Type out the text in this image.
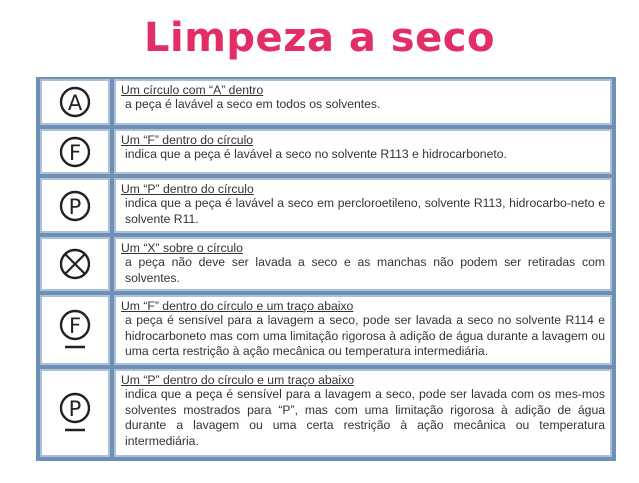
Limpeza a seco
A
Um círculo com “A” dentro
a peça é lavável a seco em todos os solventes.
F
Um “F” dentro do círculo
indica que a peça é lavável a seco no solvente R113 e hidrocarboneto.
P
Um “P” dentro do círculo
indica que a peça é lavável a seco em percloroetileno, solvente R113, hidrocarbo-neto e solvente R11.
Um “X” sobre o círculo
a peça não deve ser lavada a seco e as manchas não podem ser retiradas com solventes.
F
Um “F” dentro do círculo e um traço abaixo
a peça é sensível para a lavagem a seco, pode ser lavada a seco no solvente R114 e hidrocarboneto mas com uma limitação rigorosa à adição de água durante a lavagem ou uma certa restrição à ação mecânica ou temperatura intermediária.
P
Um “P” dentro do círculo e um traço abaixo
indica que a peça é sensível para a lavagem a seco, pode ser lavada com os mes-mos solventes mostrados para “P”, mas com uma limitação rigorosa à adição de água durante a lavagem ou uma certa restrição à ação mecânica ou temperatura intermediária.
